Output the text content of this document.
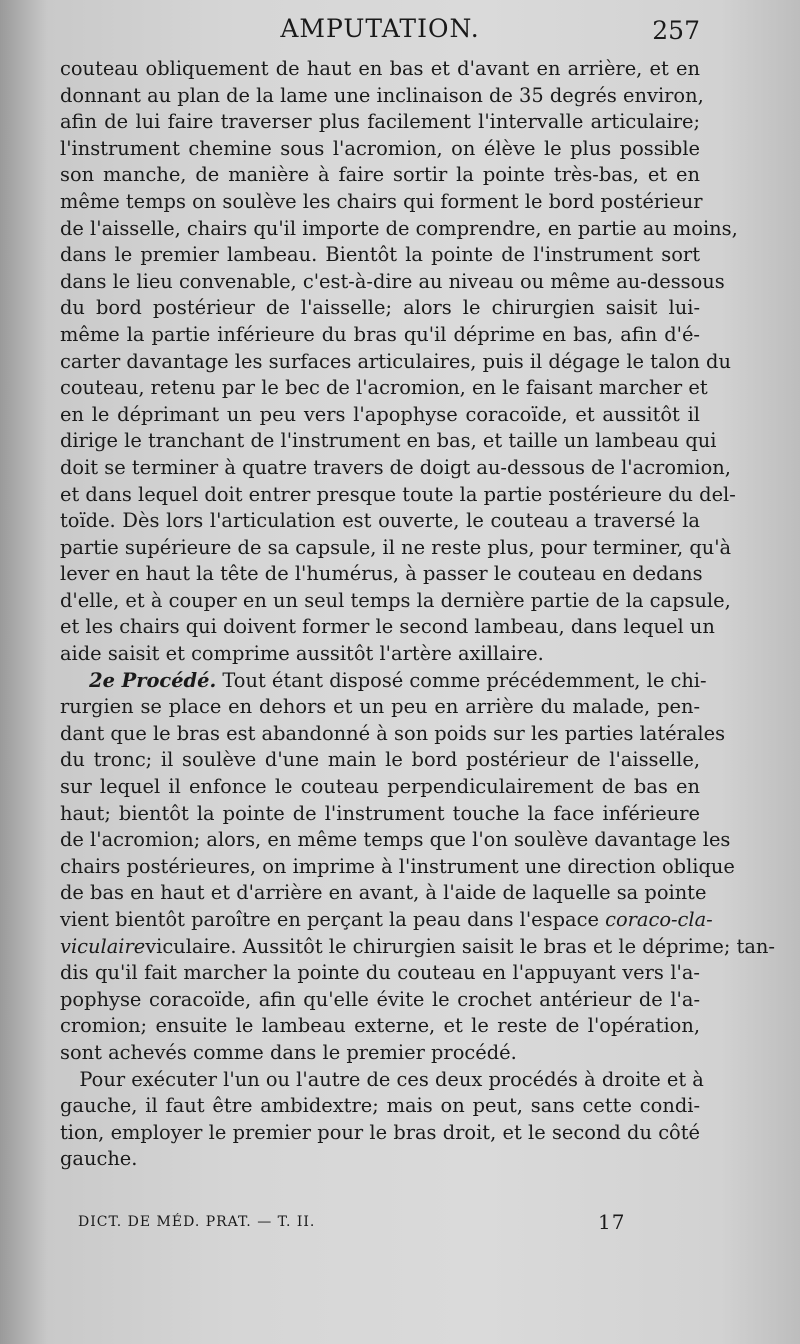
AMPUTATION.	257

couteau obliquement de haut en bas et d'avant en arrière, et en
donnant au plan de la lame une inclinaison de 35 degrés environ,
afin de lui faire traverser plus facilement l'intervalle articulaire;
l'instrument chemine sous l'acromion, on élève le plus possible
son manche, de manière à faire sortir la pointe très-bas, et en
même temps on soulève les chairs qui forment le bord postérieur
de l'aisselle, chairs qu'il importe de comprendre, en partie au moins,
dans le premier lambeau. Bientôt la pointe de l'instrument sort
dans le lieu convenable, c'est-à-dire au niveau ou même au-dessous
du bord postérieur de l'aisselle; alors le chirurgien saisit lui-
même la partie inférieure du bras qu'il déprime en bas, afin d'é-
carter davantage les surfaces articulaires, puis il dégage le talon du
couteau, retenu par le bec de l'acromion, en le faisant marcher et
en le déprimant un peu vers l'apophyse coracoïde, et aussitôt il
dirige le tranchant de l'instrument en bas, et taille un lambeau qui
doit se terminer à quatre travers de doigt au-dessous de l'acromion,
et dans lequel doit entrer presque toute la partie postérieure du del-
toïde. Dès lors l'articulation est ouverte, le couteau a traversé la
partie supérieure de sa capsule, il ne reste plus, pour terminer, qu'à
lever en haut la tête de l'humérus, à passer le couteau en dedans
d'elle, et à couper en un seul temps la dernière partie de la capsule,
et les chairs qui doivent former le second lambeau, dans lequel un
aide saisit et comprime aussitôt l'artère axillaire.

  2e Procédé. Tout étant disposé comme précédemment, le chi-
rurgien se place en dehors et un peu en arrière du malade, pen-
dant que le bras est abandonné à son poids sur les parties latérales
du tronc; il soulève d'une main le bord postérieur de l'aisselle,
sur lequel il enfonce le couteau perpendiculairement de bas en
haut; bientôt la pointe de l'instrument touche la face inférieure
de l'acromion; alors, en même temps que l'on soulève davantage les
chairs postérieures, on imprime à l'instrument une direction oblique
de bas en haut et d'arrière en avant, à l'aide de laquelle sa pointe
vient bientôt paroître en perçant la peau dans l'espace coraco-cla-
viculaireviculaire. Aussitôt le chirurgien saisit le bras et le déprime; tan-
dis qu'il fait marcher la pointe du couteau en l'appuyant vers l'a-
pophyse coracoïde, afin qu'elle évite le crochet antérieur de l'a-
cromion; ensuite le lambeau externe, et le reste de l'opération,
sont achevés comme dans le premier procédé.

 Pour exécuter l'un ou l'autre de ces deux procédés à droite et à
gauche, il faut être ambidextre; mais on peut, sans cette condi-
tion, employer le premier pour le bras droit, et le second du côté
gauche.

DICT. DE MÉD. PRAT. — T. II.	17
